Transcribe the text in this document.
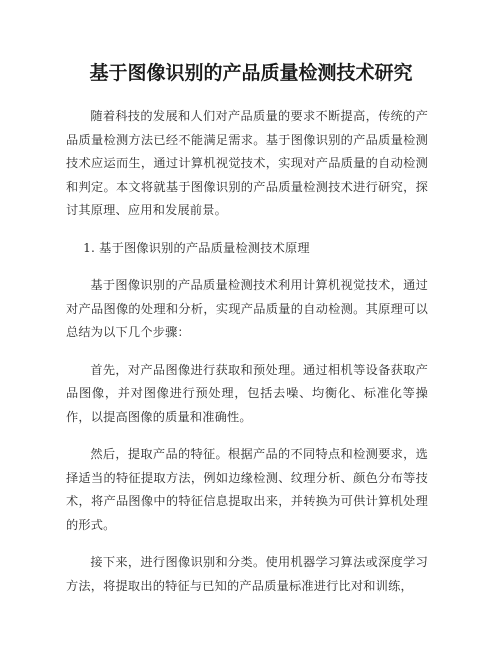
基于图像识别的产品质量检测技术研究

随着科技的发展和人们对产品质量的要求不断提高，传统的产品质量检测方法已经不能满足需求。基于图像识别的产品质量检测技术应运而生，通过计算机视觉技术，实现对产品质量的自动检测和判定。本文将就基于图像识别的产品质量检测技术进行研究，探讨其原理、应用和发展前景。

1. 基于图像识别的产品质量检测技术原理

基于图像识别的产品质量检测技术利用计算机视觉技术，通过对产品图像的处理和分析，实现产品质量的自动检测。其原理可以总结为以下几个步骤：

首先，对产品图像进行获取和预处理。通过相机等设备获取产品图像，并对图像进行预处理，包括去噪、均衡化、标准化等操作，以提高图像的质量和准确性。

然后，提取产品的特征。根据产品的不同特点和检测要求，选择适当的特征提取方法，例如边缘检测、纹理分析、颜色分布等技术，将产品图像中的特征信息提取出来，并转换为可供计算机处理的形式。

接下来，进行图像识别和分类。使用机器学习算法或深度学习方法，将提取出的特征与已知的产品质量标准进行比对和训练，
